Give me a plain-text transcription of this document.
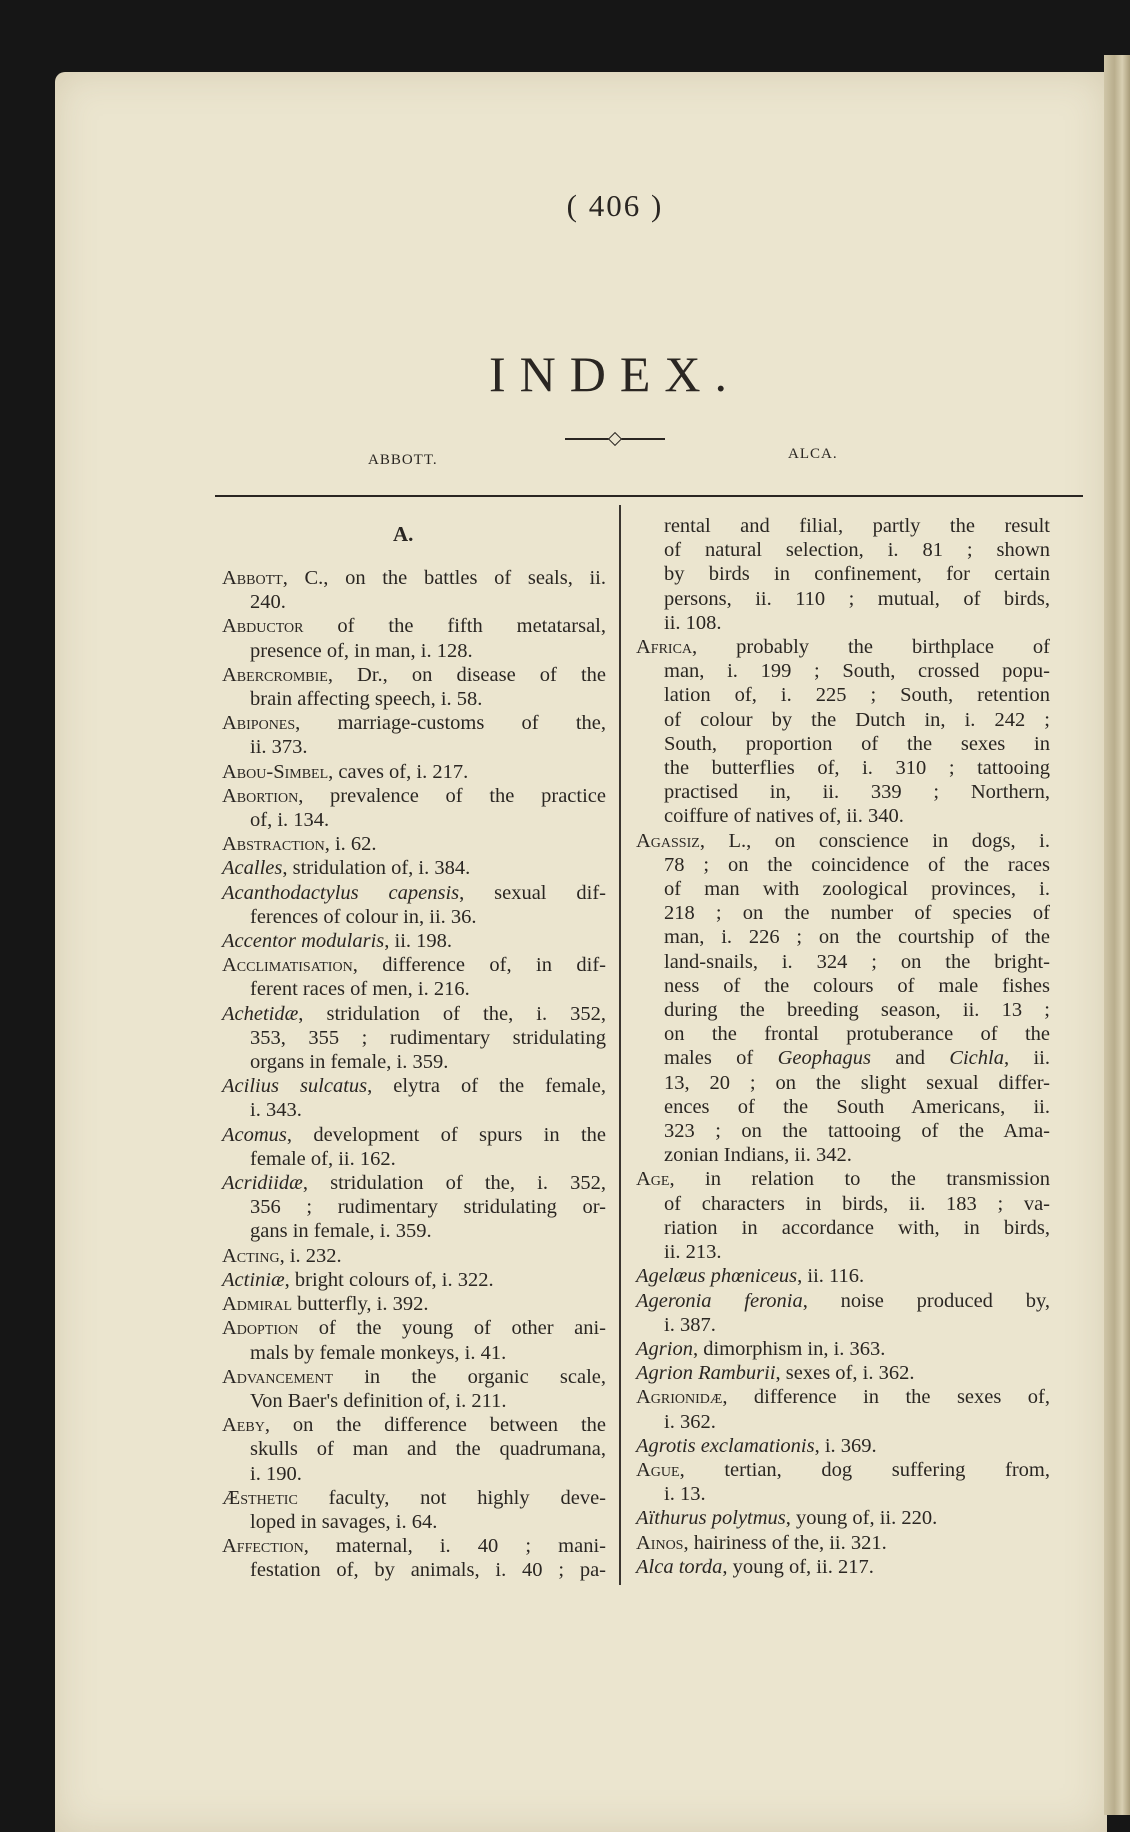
( 406 )
INDEX.
ABBOTT.	ALCA.
A.
Abbott, C., on the battles of seals, ii.
240.
Abductor of the fifth metatarsal,
presence of, in man, i. 128.
Abercrombie, Dr., on disease of the
brain affecting speech, i. 58.
Abipones, marriage-customs of the,
ii. 373.
Abou-Simbel, caves of, i. 217.
Abortion, prevalence of the practice
of, i. 134.
Abstraction, i. 62.
Acalles, stridulation of, i. 384.
Acanthodactylus capensis, sexual dif-
ferences of colour in, ii. 36.
Accentor modularis, ii. 198.
Acclimatisation, difference of, in dif-
ferent races of men, i. 216.
Achetidæ, stridulation of the, i. 352,
353, 355 ; rudimentary stridulating
organs in female, i. 359.
Acilius sulcatus, elytra of the female,
i. 343.
Acomus, development of spurs in the
female of, ii. 162.
Acridiidæ, stridulation of the, i. 352,
356 ; rudimentary stridulating or-
gans in female, i. 359.
Acting, i. 232.
Actiniæ, bright colours of, i. 322.
Admiral butterfly, i. 392.
Adoption of the young of other ani-
mals by female monkeys, i. 41.
Advancement in the organic scale,
Von Baer's definition of, i. 211.
Aeby, on the difference between the
skulls of man and the quadrumana,
i. 190.
Æsthetic faculty, not highly deve-
loped in savages, i. 64.
Affection, maternal, i. 40 ; mani-
festation of, by animals, i. 40 ; pa-
rental and filial, partly the result
of natural selection, i. 81 ; shown
by birds in confinement, for certain
persons, ii. 110 ; mutual, of birds,
ii. 108.
Africa, probably the birthplace of
man, i. 199 ; South, crossed popu-
lation of, i. 225 ; South, retention
of colour by the Dutch in, i. 242 ;
South, proportion of the sexes in
the butterflies of, i. 310 ; tattooing
practised in, ii. 339 ; Northern,
coiffure of natives of, ii. 340.
Agassiz, L., on conscience in dogs, i.
78 ; on the coincidence of the races
of man with zoological provinces, i.
218 ; on the number of species of
man, i. 226 ; on the courtship of the
land-snails, i. 324 ; on the bright-
ness of the colours of male fishes
during the breeding season, ii. 13 ;
on the frontal protuberance of the
males of Geophagus and Cichla, ii.
13, 20 ; on the slight sexual differ-
ences of the South Americans, ii.
323 ; on the tattooing of the Ama-
zonian Indians, ii. 342.
Age, in relation to the transmission
of characters in birds, ii. 183 ; va-
riation in accordance with, in birds,
ii. 213.
Agelæus phœniceus, ii. 116.
Ageronia feronia, noise produced by,
i. 387.
Agrion, dimorphism in, i. 363.
Agrion Ramburii, sexes of, i. 362.
Agrionidæ, difference in the sexes of,
i. 362.
Agrotis exclamationis, i. 369.
Ague, tertian, dog suffering from,
i. 13.
Aïthurus polytmus, young of, ii. 220.
Ainos, hairiness of the, ii. 321.
Alca torda, young of, ii. 217.
